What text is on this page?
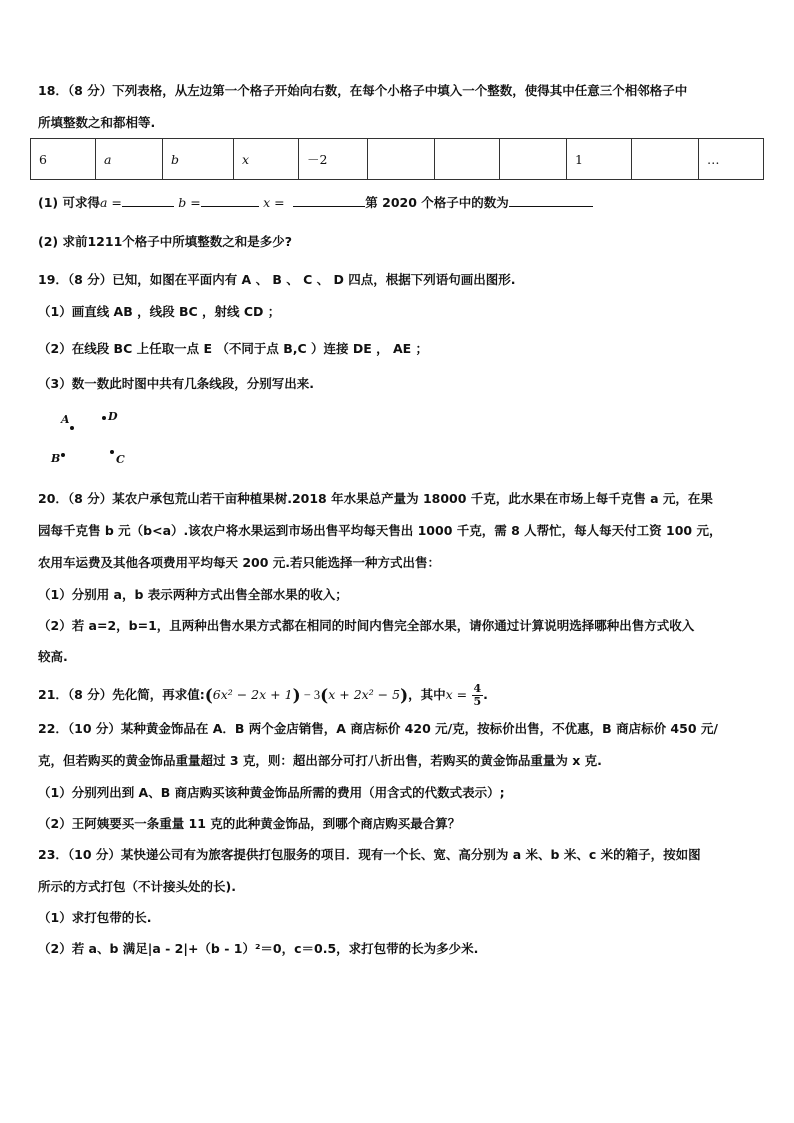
18．（8 分）下列表格，从左边第一个格子开始向右数，在每个小格子中填入一个整数，使得其中任意三个相邻格子中
所填整数之和都相等.
6	a	b	x	－2				1		…
(1) 可求得a =	b =	x =	第 2020 个格子中的数为
(2) 求前1211个格子中所填整数之和是多少?
19．（8 分）已知，如图在平面内有 A 、 B 、 C 、 D 四点，根据下列语句画出图形.
（1）画直线 AB ，线段 BC ，射线 CD ；
（2）在线段 BC 上任取一点 E （不同于点 B,C ）连接 DE ， AE ；
（3）数一数此时图中共有几条线段，分别写出来.
A	D
B	C
20．（8 分）某农户承包荒山若干亩种植果树.2018 年水果总产量为 18000 千克，此水果在市场上每千克售 a 元，在果
园每千克售 b 元（b<a）.该农户将水果运到市场出售平均每天售出 1000 千克，需 8 人帮忙，每人每天付工资 100 元，
农用车运费及其他各项费用平均每天 200 元.若只能选择一种方式出售：
（1）分别用 a，b 表示两种方式出售全部水果的收入；
（2）若 a=2，b=1，且两种出售水果方式都在相同的时间内售完全部水果，请你通过计算说明选择哪种出售方式收入
较高.
21．（8 分）先化简，再求值:(6x² − 2x + 1) − 3(x + 2x² − 5)，其中$x = \frac{4}{5}$ .
22．（10 分）某种黄金饰品在 A．B 两个金店销售，A 商店标价 420 元/克，按标价出售，不优惠，B 商店标价 450 元/
克，但若购买的黄金饰品重量超过 3 克，则：超出部分可打八折出售，若购买的黄金饰品重量为 x 克.
（1）分别列出到 A、B 商店购买该种黄金饰品所需的费用（用含式的代数式表示）;
（2）王阿姨要买一条重量 11 克的此种黄金饰品，到哪个商店购买最合算？
23．（10 分）某快递公司有为旅客提供打包服务的项目．现有一个长、宽、高分别为 a 米、b 米、c 米的箱子，按如图
所示的方式打包（不计接头处的长).
（1）求打包带的长.
（2）若 a、b 满足|a - 2|+（b - 1）²＝0，c＝0.5，求打包带的长为多少米.
